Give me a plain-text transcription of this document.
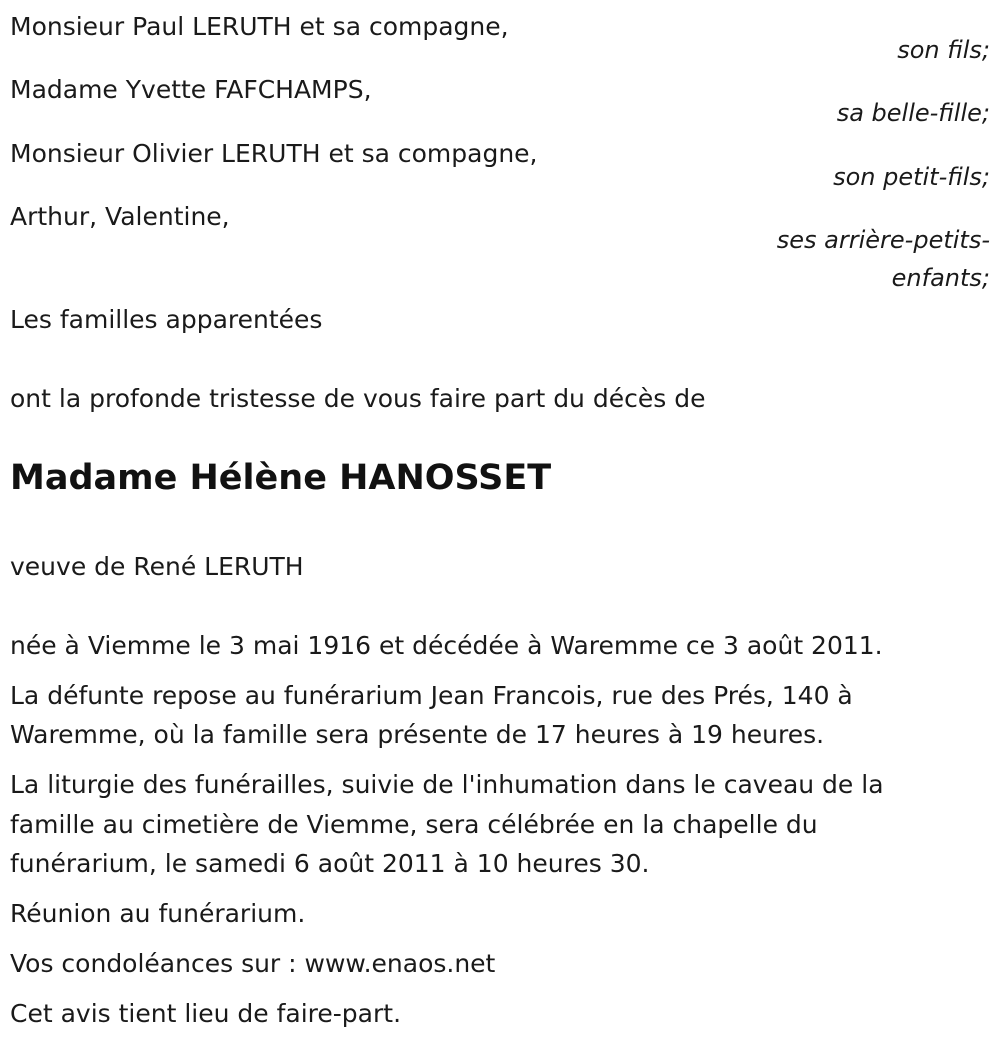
Monsieur Paul LERUTH et sa compagne,
son fils;
Madame Yvette FAFCHAMPS,
sa belle-fille;
Monsieur Olivier LERUTH et sa compagne,
son petit-fils;
Arthur, Valentine,
ses arrière-petits-
enfants;
Les familles apparentées
ont la profonde tristesse de vous faire part du décès de
Madame Hélène HANOSSET
veuve de René LERUTH
née à Viemme le 3 mai 1916 et décédée à Waremme ce 3 août 2011.
La défunte repose au funérarium Jean Francois, rue des Prés, 140 à
Waremme, où la famille sera présente de 17 heures à 19 heures.
La liturgie des funérailles, suivie de l'inhumation dans le caveau de la
famille au cimetière de Viemme, sera célébrée en la chapelle du
funérarium, le samedi 6 août 2011 à 10 heures 30.
Réunion au funérarium.
Vos condoléances sur : www.enaos.net
Cet avis tient lieu de faire-part.
